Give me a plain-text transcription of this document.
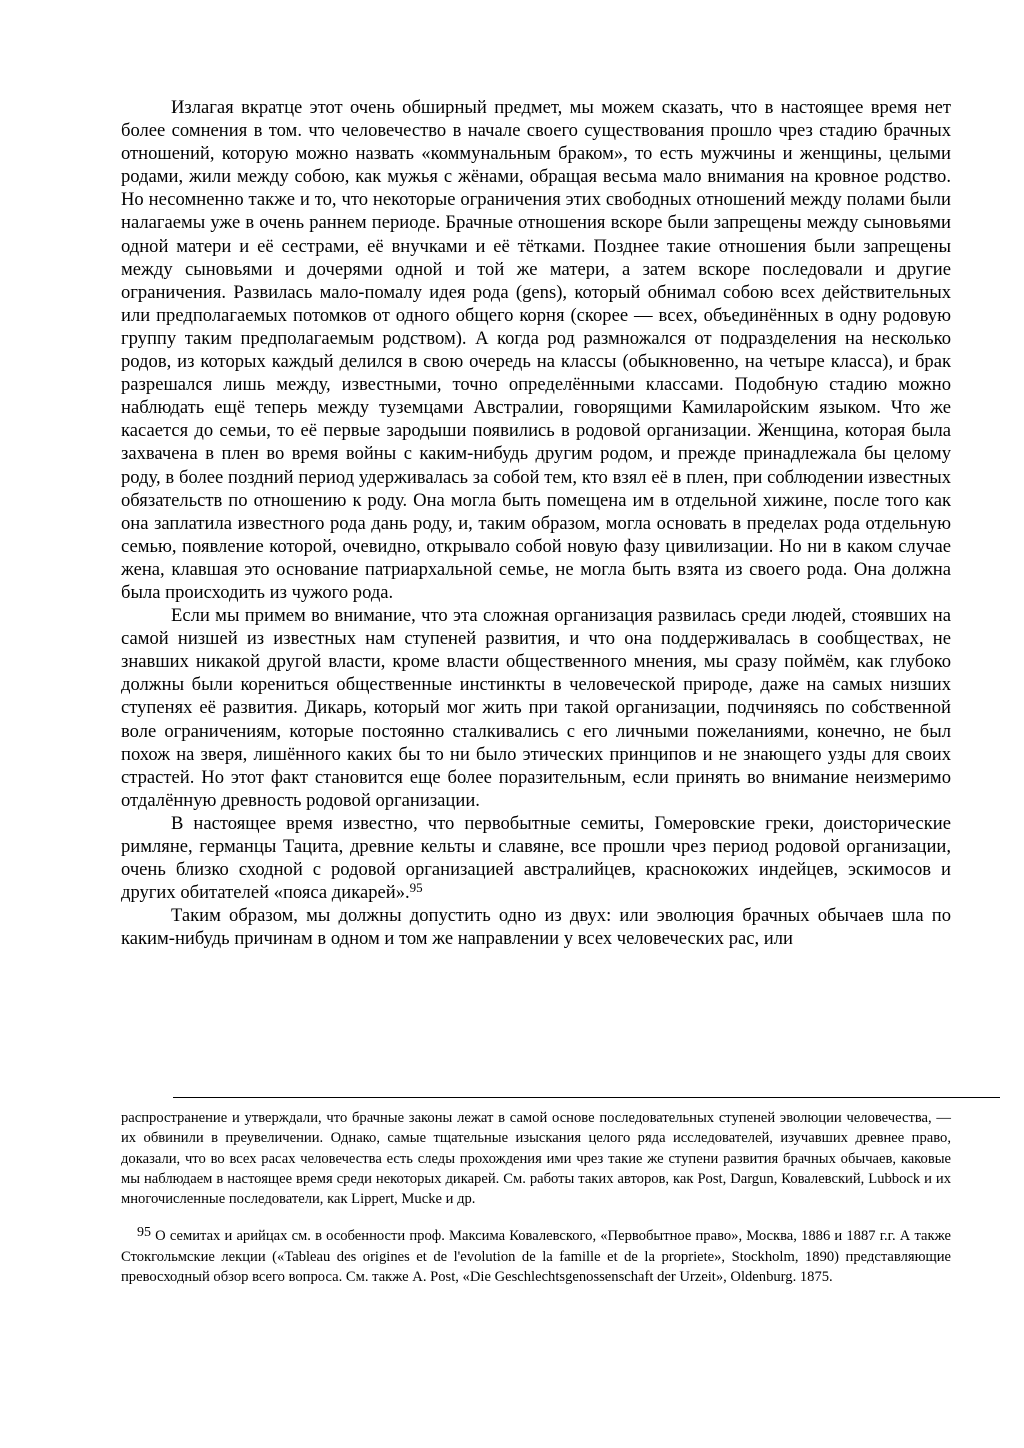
Излагая вкратце этот очень обширный предмет, мы можем сказать, что в настоящее время нет более сомнения в том. что человечество в начале своего существования прошло чрез стадию брачных отношений, которую можно назвать «коммунальным браком», то есть мужчины и женщины, целыми родами, жили между собою, как мужья с жёнами, обращая весьма мало внимания на кровное родство. Но несомненно также и то, что некоторые ограничения этих свободных отношений между полами были налагаемы уже в очень раннем периоде. Брачные отношения вскоре были запрещены между сыновьями одной матери и её сестрами, её внучками и её тётками. Позднее такие отношения были запрещены между сыновьями и дочерями одной и той же матери, а затем вскоре последовали и другие ограничения. Развилась мало-помалу идея рода (gens), который обнимал собою всех действительных или предполагаемых потомков от одного общего корня (скорее — всех, объединённых в одну родовую группу таким предполагаемым родством). А когда род размножался от подразделения на несколько родов, из которых каждый делился в свою очередь на классы (обыкновенно, на четыре класса), и брак разрешался лишь между, известными, точно определёнными классами. Подобную стадию можно наблюдать ещё теперь между туземцами Австралии, говорящими Камиларойским языком. Что же касается до семьи, то её первые зародыши появились в родовой организации. Женщина, которая была захвачена в плен во время войны с каким-нибудь другим родом, и прежде принадлежала бы целому роду, в более поздний период удерживалась за собой тем, кто взял её в плен, при соблюдении известных обязательств по отношению к роду. Она могла быть помещена им в отдельной хижине, после того как она заплатила известного рода дань роду, и, таким образом, могла основать в пределах рода отдельную семью, появление которой, очевидно, открывало собой новую фазу цивилизации. Но ни в каком случае жена, клавшая это основание патриархальной семье, не могла быть взята из своего рода. Она должна была происходить из чужого рода.

Если мы примем во внимание, что эта сложная организация развилась среди людей, стоявших на самой низшей из известных нам ступеней развития, и что она поддерживалась в сообществах, не знавших никакой другой власти, кроме власти общественного мнения, мы сразу поймём, как глубоко должны были корениться общественные инстинкты в человеческой природе, даже на самых низших ступенях её развития. Дикарь, который мог жить при такой организации, подчиняясь по собственной воле ограничениям, которые постоянно сталкивались с его личными пожеланиями, конечно, не был похож на зверя, лишённого каких бы то ни было этических принципов и не знающего узды для своих страстей. Но этот факт становится еще более поразительным, если принять во внимание неизмеримо отдалённую древность родовой организации.

В настоящее время известно, что первобытные семиты, Гомеровские греки, доисторические римляне, германцы Тацита, древние кельты и славяне, все прошли чрез период родовой организации, очень близко сходной с родовой организацией австралийцев, краснокожих индейцев, эскимосов и других обитателей «пояса дикарей».$^{95}$

Таким образом, мы должны допустить одно из двух: или эволюция брачных обычаев шла по каким-нибудь причинам в одном и том же направлении у всех человеческих рас, или

распространение и утверждали, что брачные законы лежат в самой основе последовательных ступеней эволюции человечества, — их обвинили в преувеличении. Однако, самые тщательные изыскания целого ряда исследователей, изучавших древнее право, доказали, что во всех расах человечества есть следы прохождения ими чрез такие же ступени развития брачных обычаев, каковые мы наблюдаем в настоящее время среди некоторых дикарей. См. работы таких авторов, как Post, Dargun, Ковалевский, Lubbock и их многочисленные последователи, как Lippert, Mucke и др.

95 О семитах и арийцах см. в особенности проф. Максима Ковалевского, «Первобытное право», Москва, 1886 и 1887 г.г. А также Стокгольмские лекции («Tableau des origines et de l'evolution de la famille et de la propriete», Stockholm, 1890) представляющие превосходный обзор всего вопроса. См. также A. Post, «Die Geschlechtsgenossenschaft der Urzeit», Oldenburg. 1875.
